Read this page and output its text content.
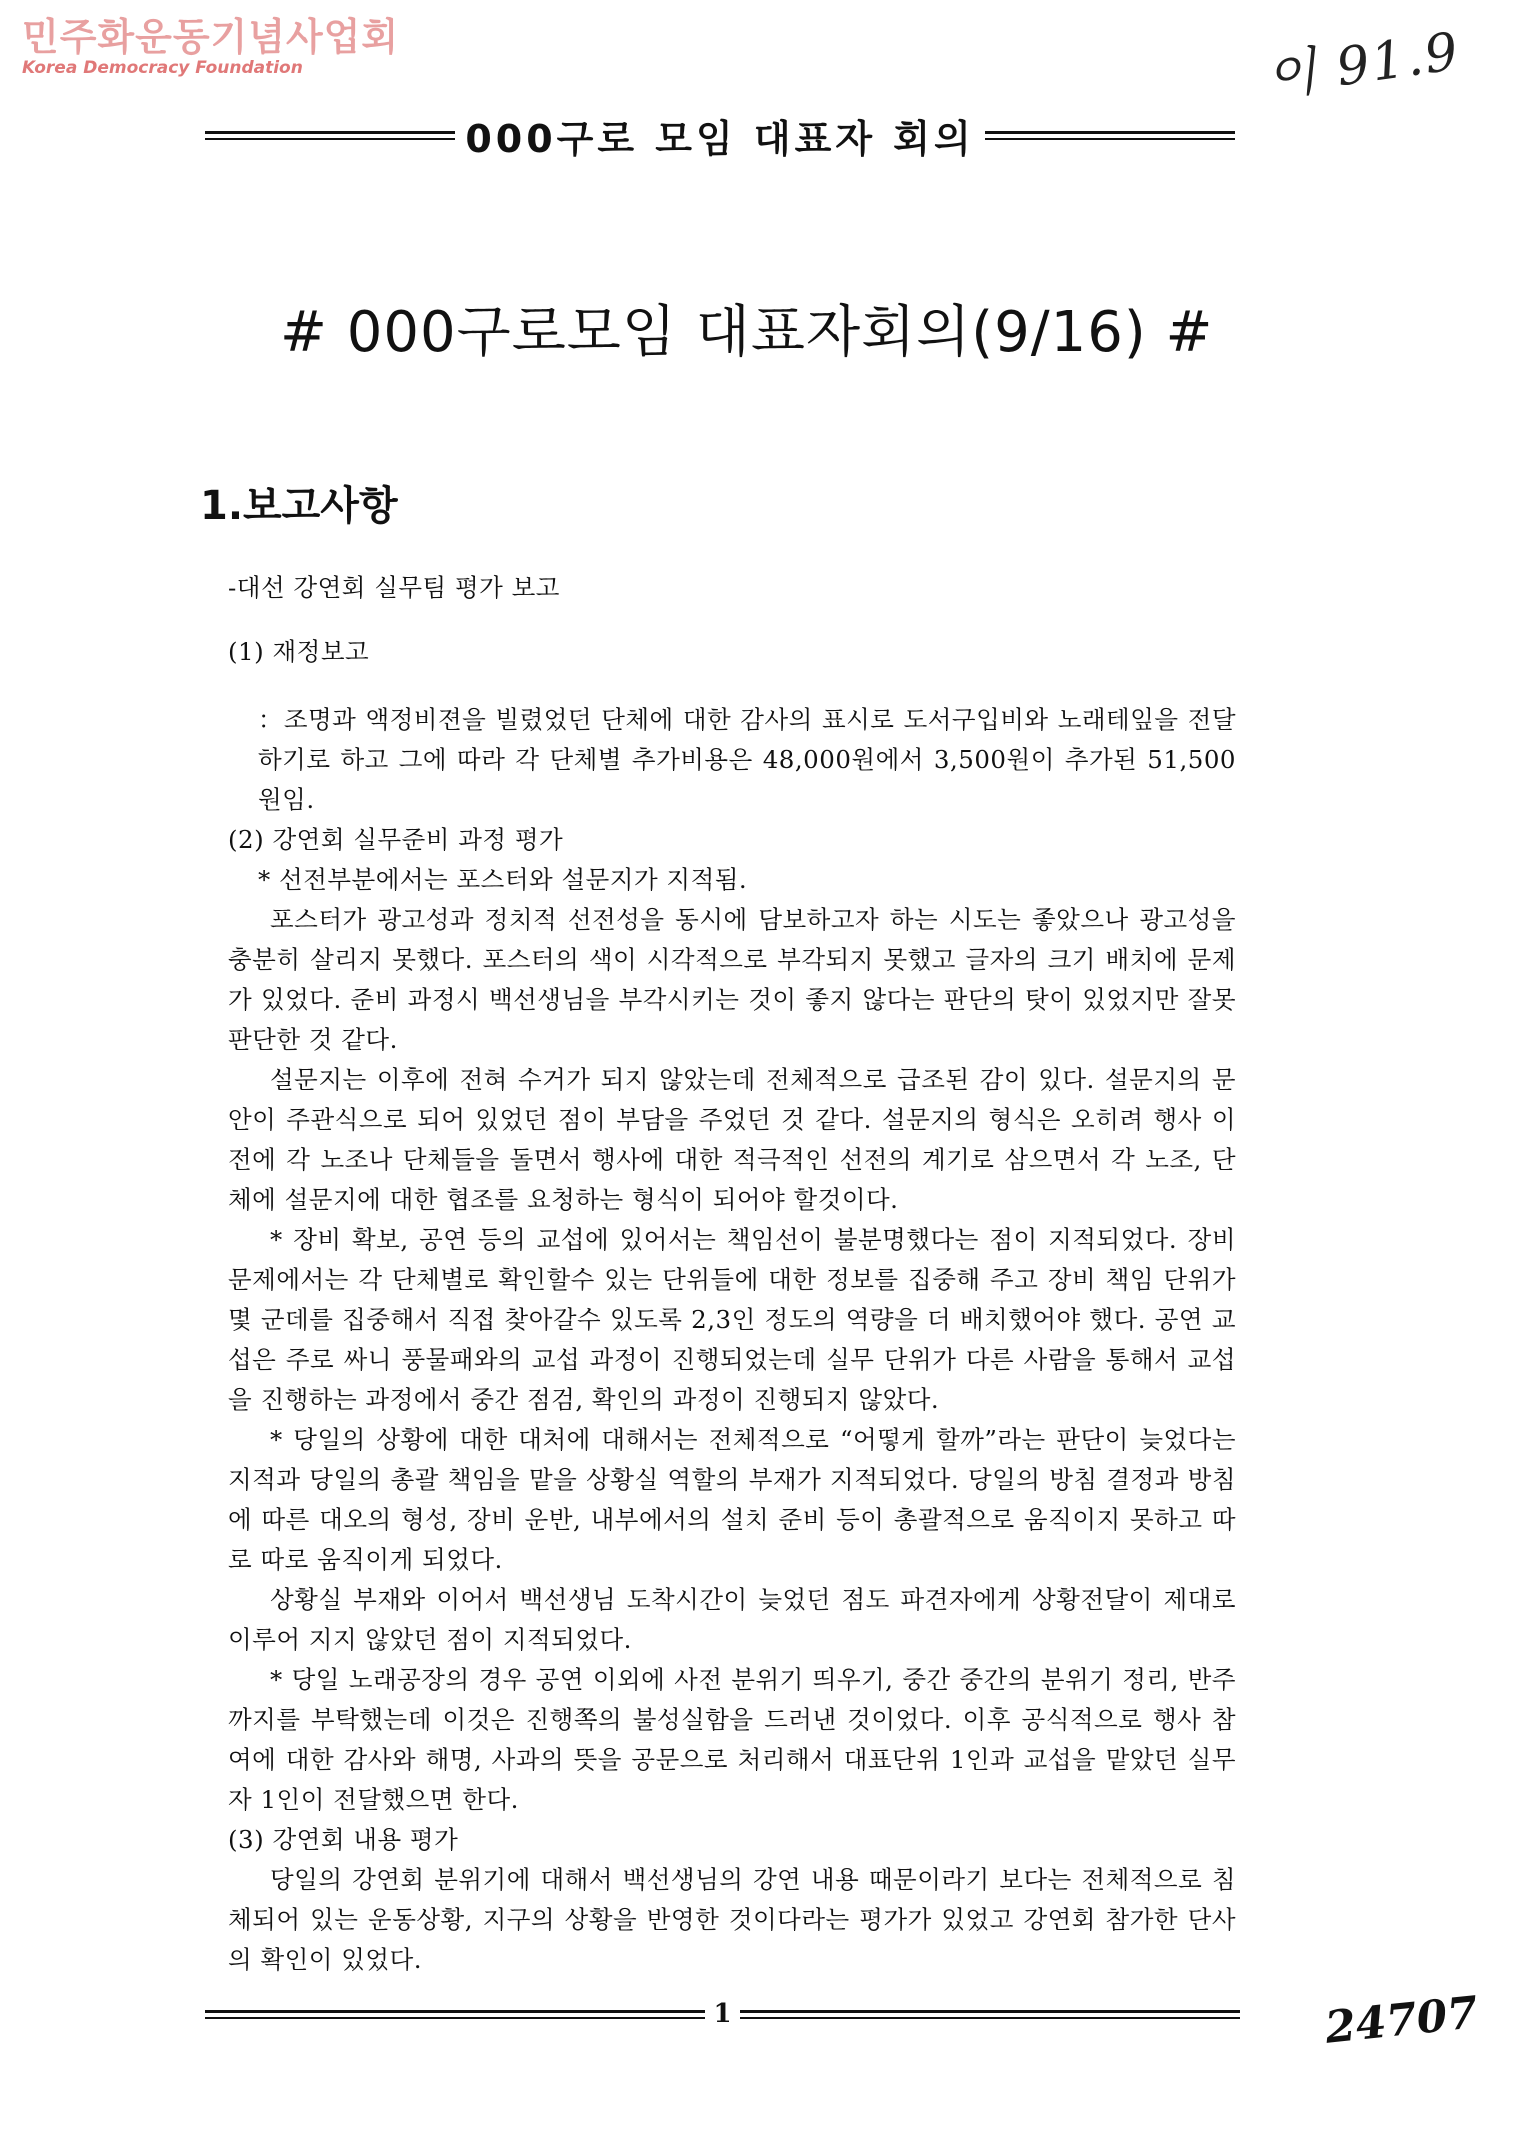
민주화운동기념사업회
Korea Democracy Foundation	이 91.9
000구로 모임 대표자 회의
# 000구로모임 대표자회의(9/16) #
1.보고사항

-대선 강연회 실무팀 평가 보고

(1) 재정보고

：조명과 액정비젼을 빌렸었던 단체에 대한 감사의 표시로 도서구입비와 노래테잎을 전달하기로 하고 그에 따라 각 단체별 추가비용은 48,000원에서 3,500원이 추가된 51,500원임.

(2) 강연회 실무준비 과정 평가

* 선전부분에서는 포스터와 설문지가 지적됨.

포스터가 광고성과 정치적 선전성을 동시에 담보하고자 하는 시도는 좋았으나 광고성을 충분히 살리지 못했다. 포스터의 색이 시각적으로 부각되지 못했고 글자의 크기 배치에 문제가 있었다. 준비 과정시 백선생님을 부각시키는 것이 좋지 않다는 판단의 탓이 있었지만 잘못 판단한 것 같다.

설문지는 이후에 전혀 수거가 되지 않았는데 전체적으로 급조된 감이 있다. 설문지의 문안이 주관식으로 되어 있었던 점이 부담을 주었던 것 같다. 설문지의 형식은 오히려 행사 이전에 각 노조나 단체들을 돌면서 행사에 대한 적극적인 선전의 계기로 삼으면서 각 노조, 단체에 설문지에 대한 협조를 요청하는 형식이 되어야 할것이다.

* 장비 확보, 공연 등의 교섭에 있어서는 책임선이 불분명했다는 점이 지적되었다. 장비문제에서는 각 단체별로 확인할수 있는 단위들에 대한 정보를 집중해 주고 장비 책임 단위가 몇 군데를 집중해서 직접 찾아갈수 있도록 2,3인 정도의 역량을 더 배치했어야 했다. 공연 교섭은 주로 싸니 풍물패와의 교섭 과정이 진행되었는데 실무 단위가 다른 사람을 통해서 교섭을 진행하는 과정에서 중간 점검, 확인의 과정이 진행되지 않았다.

* 당일의 상황에 대한 대처에 대해서는 전체적으로 “어떻게 할까”라는 판단이 늦었다는 지적과 당일의 총괄 책임을 맡을 상황실 역할의 부재가 지적되었다. 당일의 방침 결정과 방침에 따른 대오의 형성, 장비 운반, 내부에서의 설치 준비 등이 총괄적으로 움직이지 못하고 따로 따로 움직이게 되었다.

상황실 부재와 이어서 백선생님 도착시간이 늦었던 점도 파견자에게 상황전달이 제대로 이루어 지지 않았던 점이 지적되었다.

* 당일 노래공장의 경우 공연 이외에 사전 분위기 띄우기, 중간 중간의 분위기 정리, 반주까지를 부탁했는데 이것은 진행쪽의 불성실함을 드러낸 것이었다. 이후 공식적으로 행사 참여에 대한 감사와 해명, 사과의 뜻을 공문으로 처리해서 대표단위 1인과 교섭을 맡았던 실무자 1인이 전달했으면 한다.

(3) 강연회 내용 평가

당일의 강연회 분위기에 대해서 백선생님의 강연 내용 때문이라기 보다는 전체적으로 침체되어 있는 운동상황, 지구의 상황을 반영한 것이다라는 평가가 있었고 강연회 참가한 단사의 확인이 있었다.

1	24707
